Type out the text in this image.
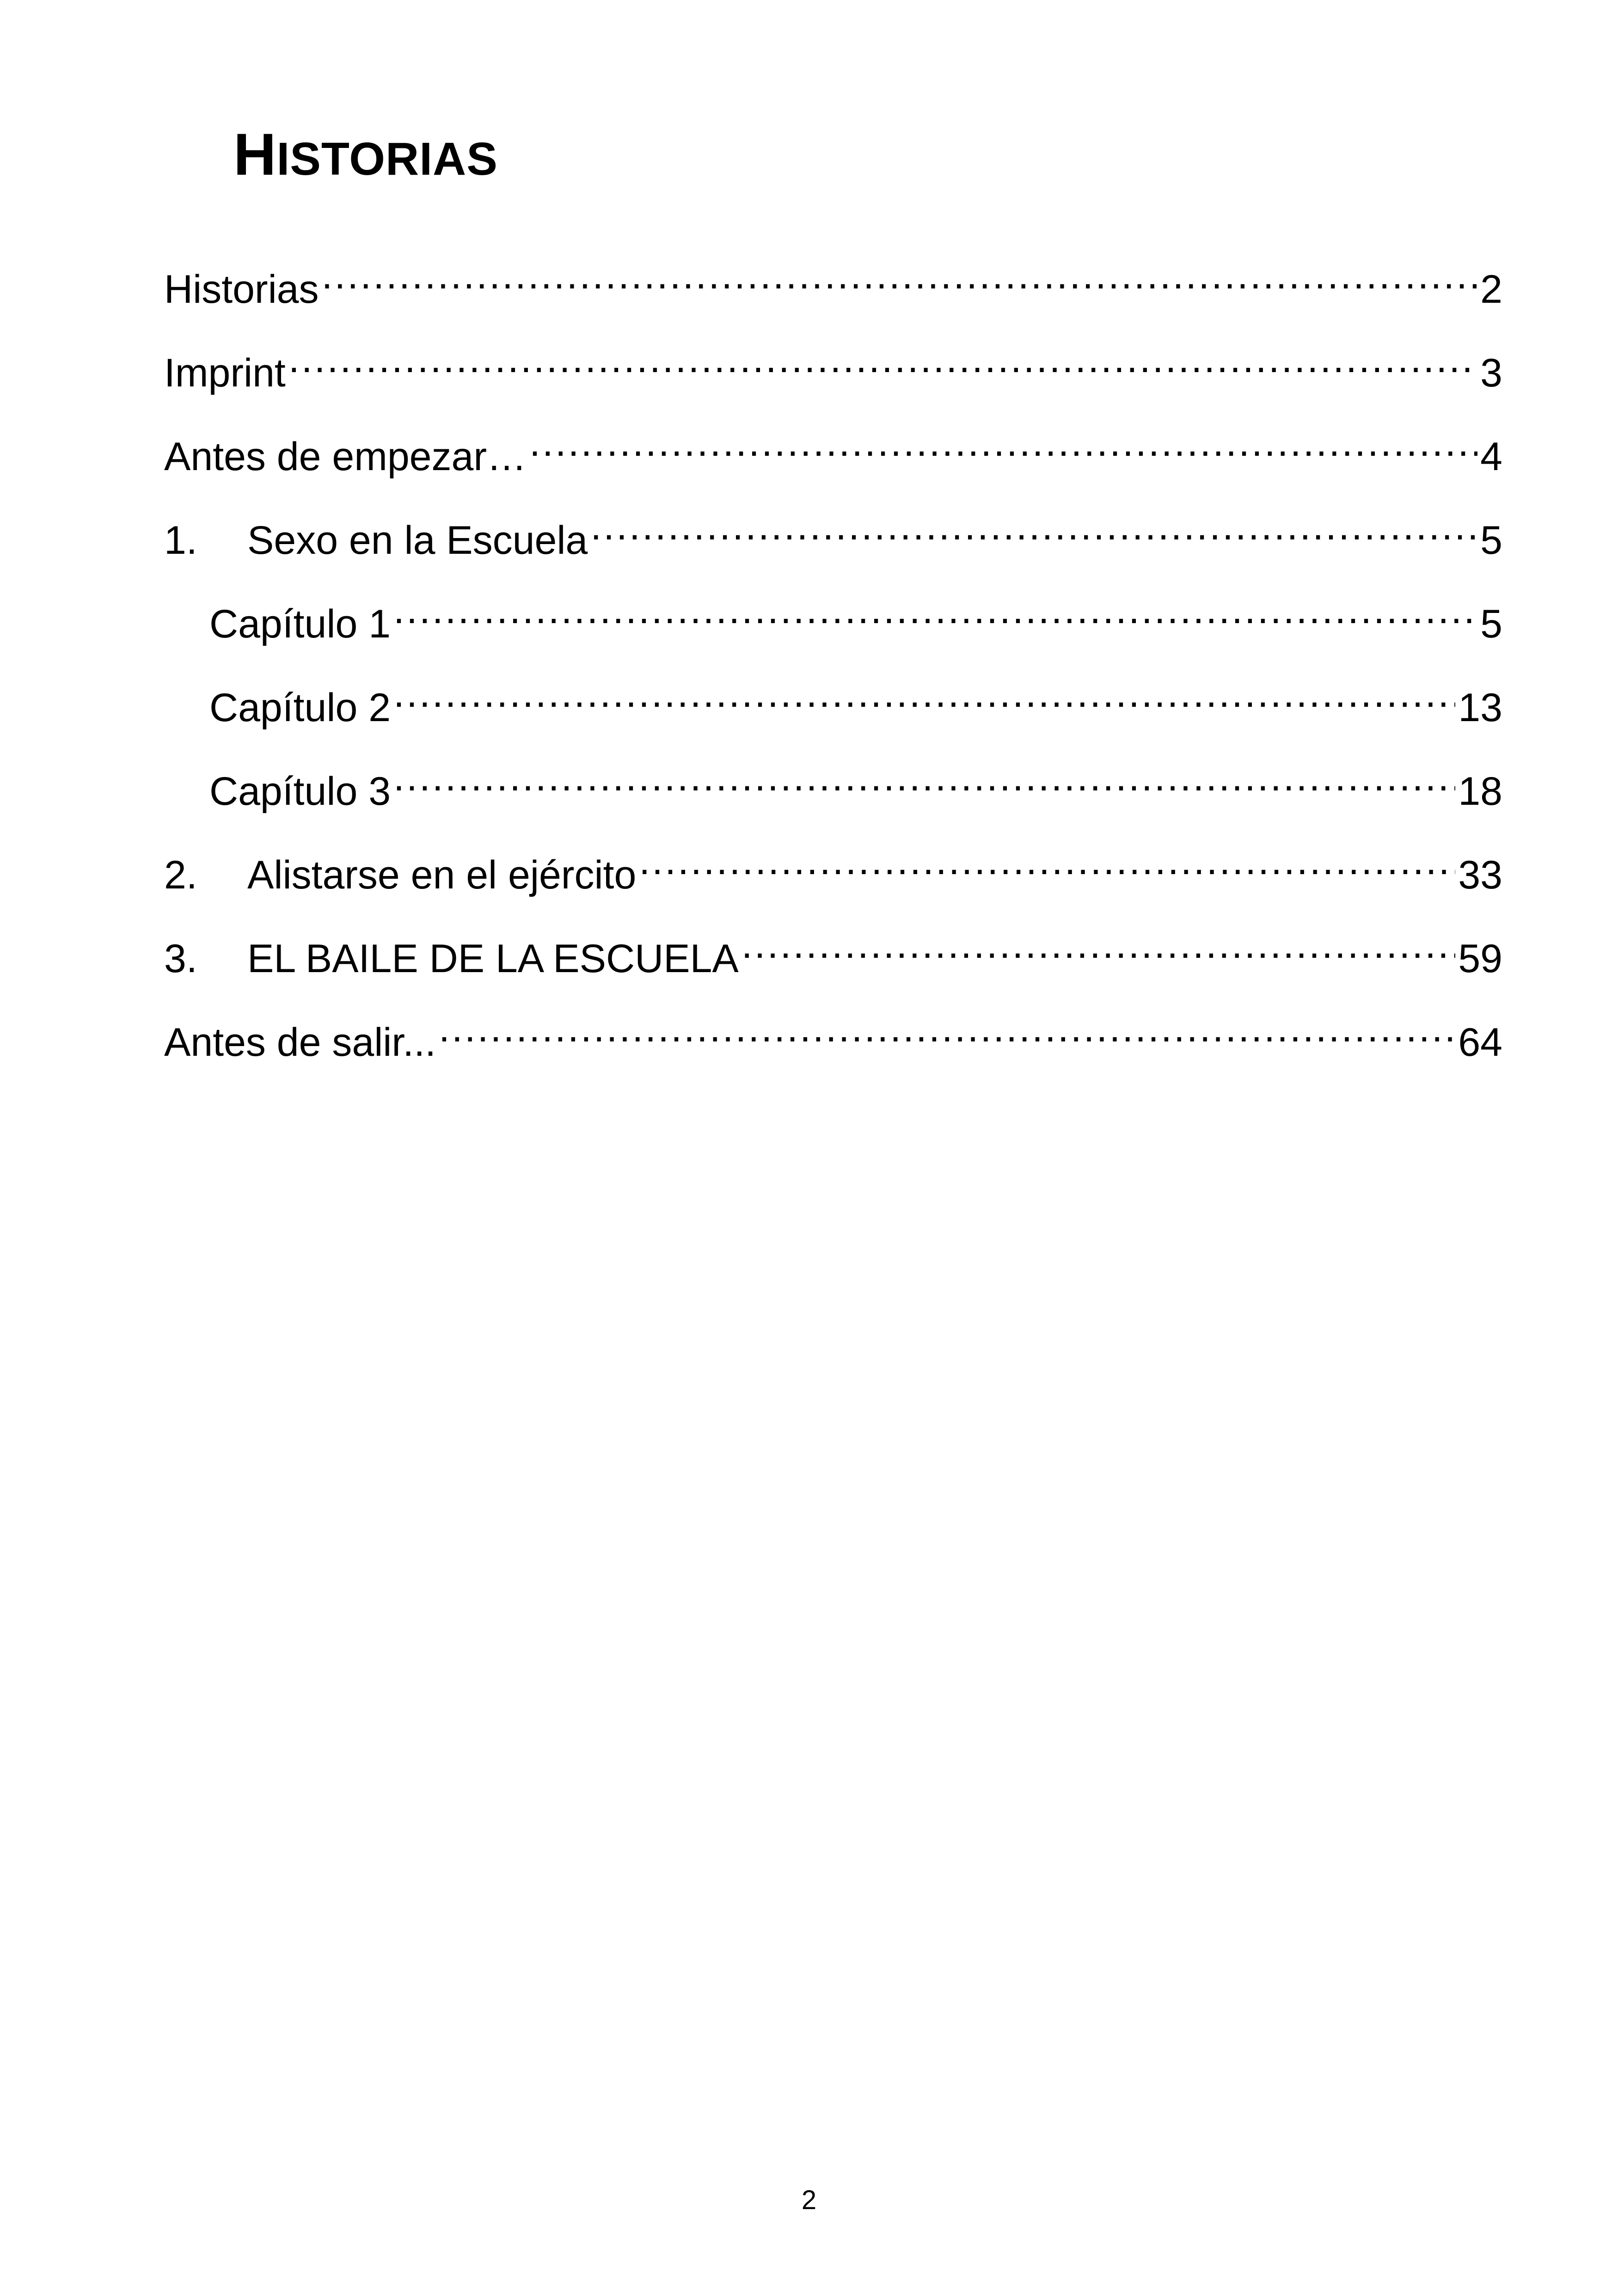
HISTORIAS
Historias .....	2
Imprint .....	3
Antes de empezar… .....	4
1.	Sexo en la Escuela .....	5
Capítulo 1 .....	5
Capítulo 2 .....	13
Capítulo 3 .....	18
2.	Alistarse en el ejército .....	33
3.	EL BAILE DE LA ESCUELA .....	59
Antes de salir... .....	64
2
